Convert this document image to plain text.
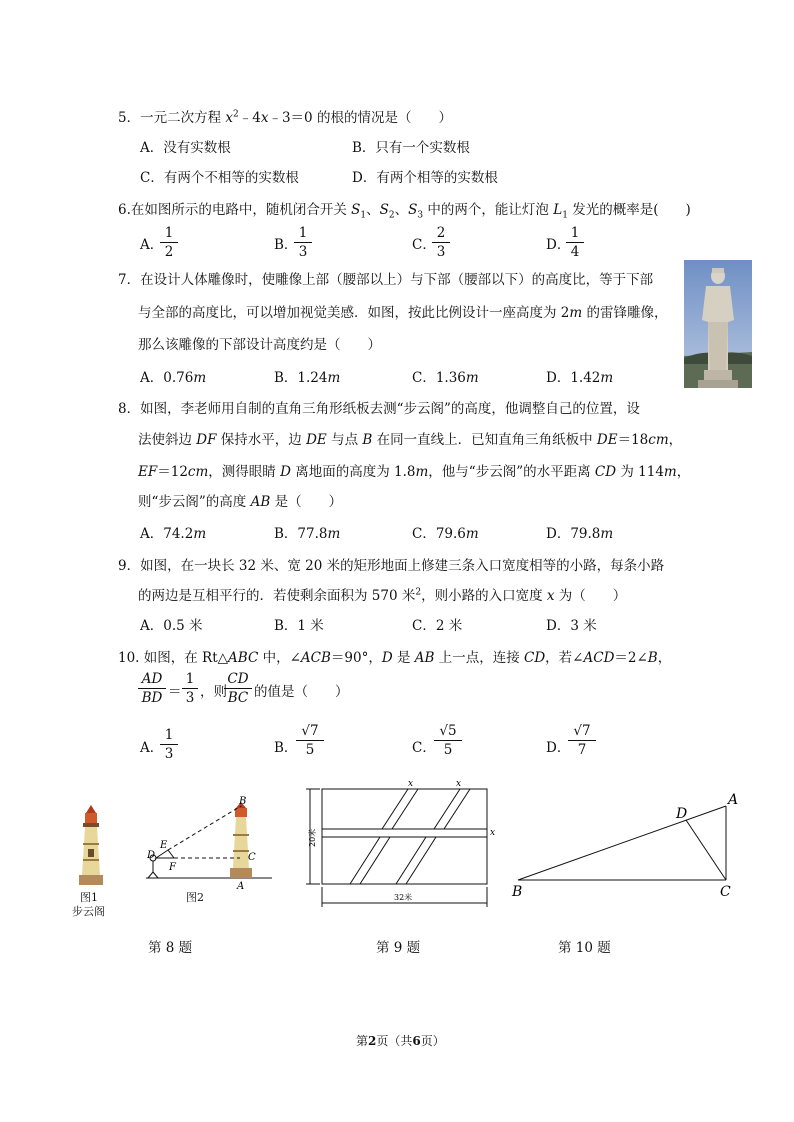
5．一元二次方程 $x^2﹣4x﹣3=0$ 的根的情况是（　　）
A．没有实数根	B．只有一个实数根
C．有两个不相等的实数根	D．有两个相等的实数根
6.在如图所示的电路中，随机闭合开关 $S_1$、$S_2$、$S_3$ 中的两个，能让灯泡 $L_1$ 发光的概率是(　　)
A．
$\frac{1}{2}$	B．
$\frac{1}{3}$	C．
$\frac{2}{3}$	D．
$\frac{1}{4}$
7．在设计人体雕像时，使雕像上部（腰部以上）与下部（腰部以下）的高度比，等于下部
与全部的高度比，可以增加视觉美感．如图，按此比例设计一座高度为 2m 的雷锋雕像，
那么该雕像的下部设计高度约是（　　）
A．0.76m	B．1.24m	C．1.36m	D．1.42m
8．如图，李老师用自制的直角三角形纸板去测“步云阁”的高度，他调整自己的位置，设
法使斜边 DF 保持水平，边 DE 与点 B 在同一直线上．已知直角三角纸板中 DE＝18cm，
EF＝12cm，测得眼睛 D 离地面的高度为 1.8m，他与“步云阁”的水平距离 CD 为 114m，
则“步云阁”的高度 AB 是（　　）
A．74.2m	B．77.8m	C．79.6m	D．79.8m
9．如图，在一块长 32 米、宽 20 米的矩形地面上修建三条入口宽度相等的小路，每条小路
的两边是互相平行的．若使剩余面积为 570 米$^2$，则小路的入口宽度 x 为（　　）
A．0.5 米	B．1 米	C．2 米	D．3 米
10. 如图，在 Rt△ABC 中，∠ACB＝90°，D 是 AB 上一点，连接 CD，若∠ACD＝2∠B，
$\frac{AD}{BD} = \frac{1}{3}$ ，则
$\frac{CD}{BC}$ 的值是（　　）
A．
$\frac{1}{3}$	B．
$\frac{√7}{5}$	C．
$\frac{√5}{5}$	D．
$\frac{√7}{7}$
图1
步云阁
B
E
D
F
C
A
图2
x	x
x
20米
32米
A
B	C
D
第 8 题	第 9 题	第 10 题
第2页（共6页）
